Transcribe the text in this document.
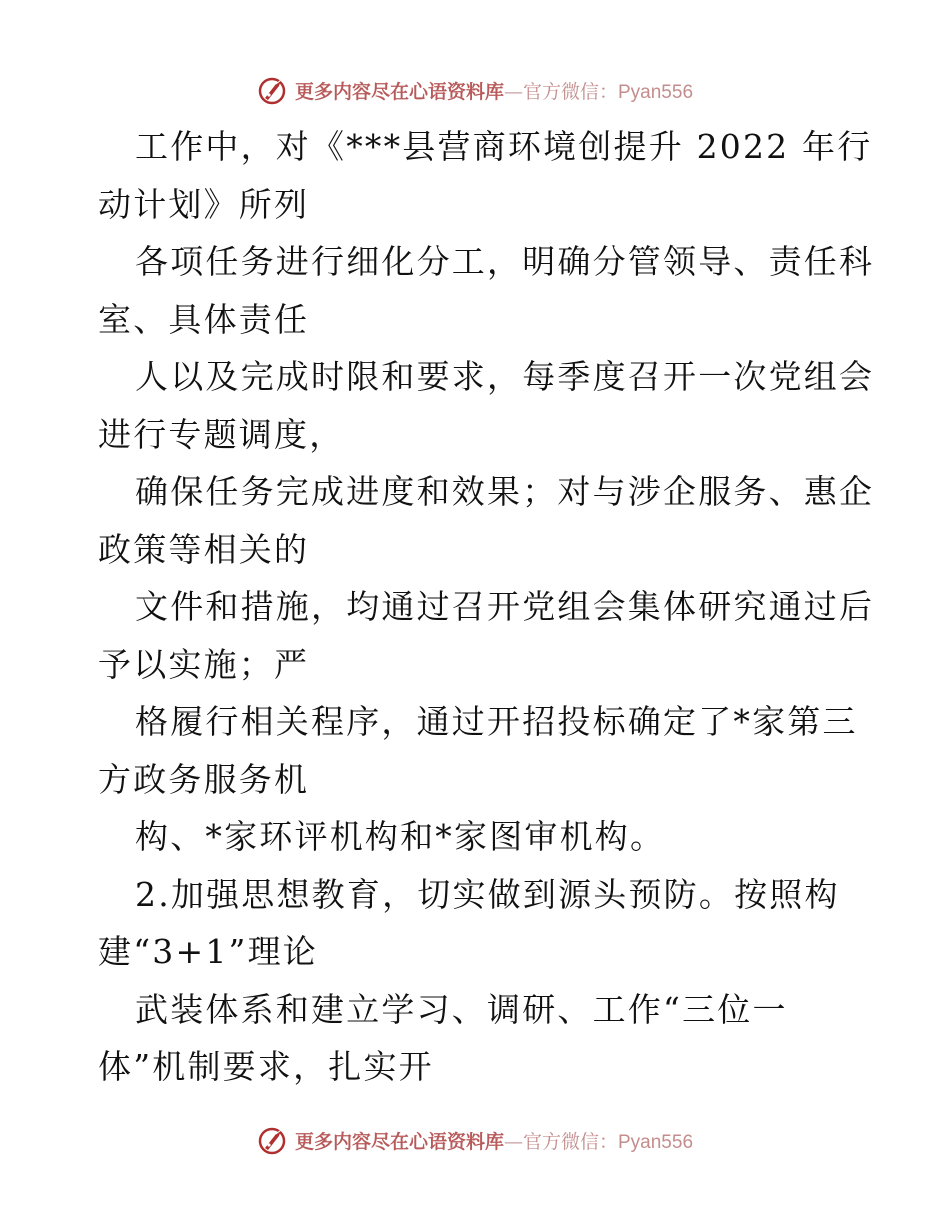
更多内容尽在心语资料库—官方微信：Pyan556
工作中，对《***县营商环境创提升 2022 年行
动计划》所列
各项任务进行细化分工，明确分管领导、责任科
室、具体责任
人以及完成时限和要求，每季度召开一次党组会
进行专题调度，
确保任务完成进度和效果；对与涉企服务、惠企
政策等相关的
文件和措施，均通过召开党组会集体研究通过后
予以实施；严
格履行相关程序，通过开招投标确定了*家第三
方政务服务机
构、*家环评机构和*家图审机构。
2.加强思想教育，切实做到源头预防。按照构
建“3+1”理论
武装体系和建立学习、调研、工作“三位一
体”机制要求，扎实开
更多内容尽在心语资料库—官方微信：Pyan556
